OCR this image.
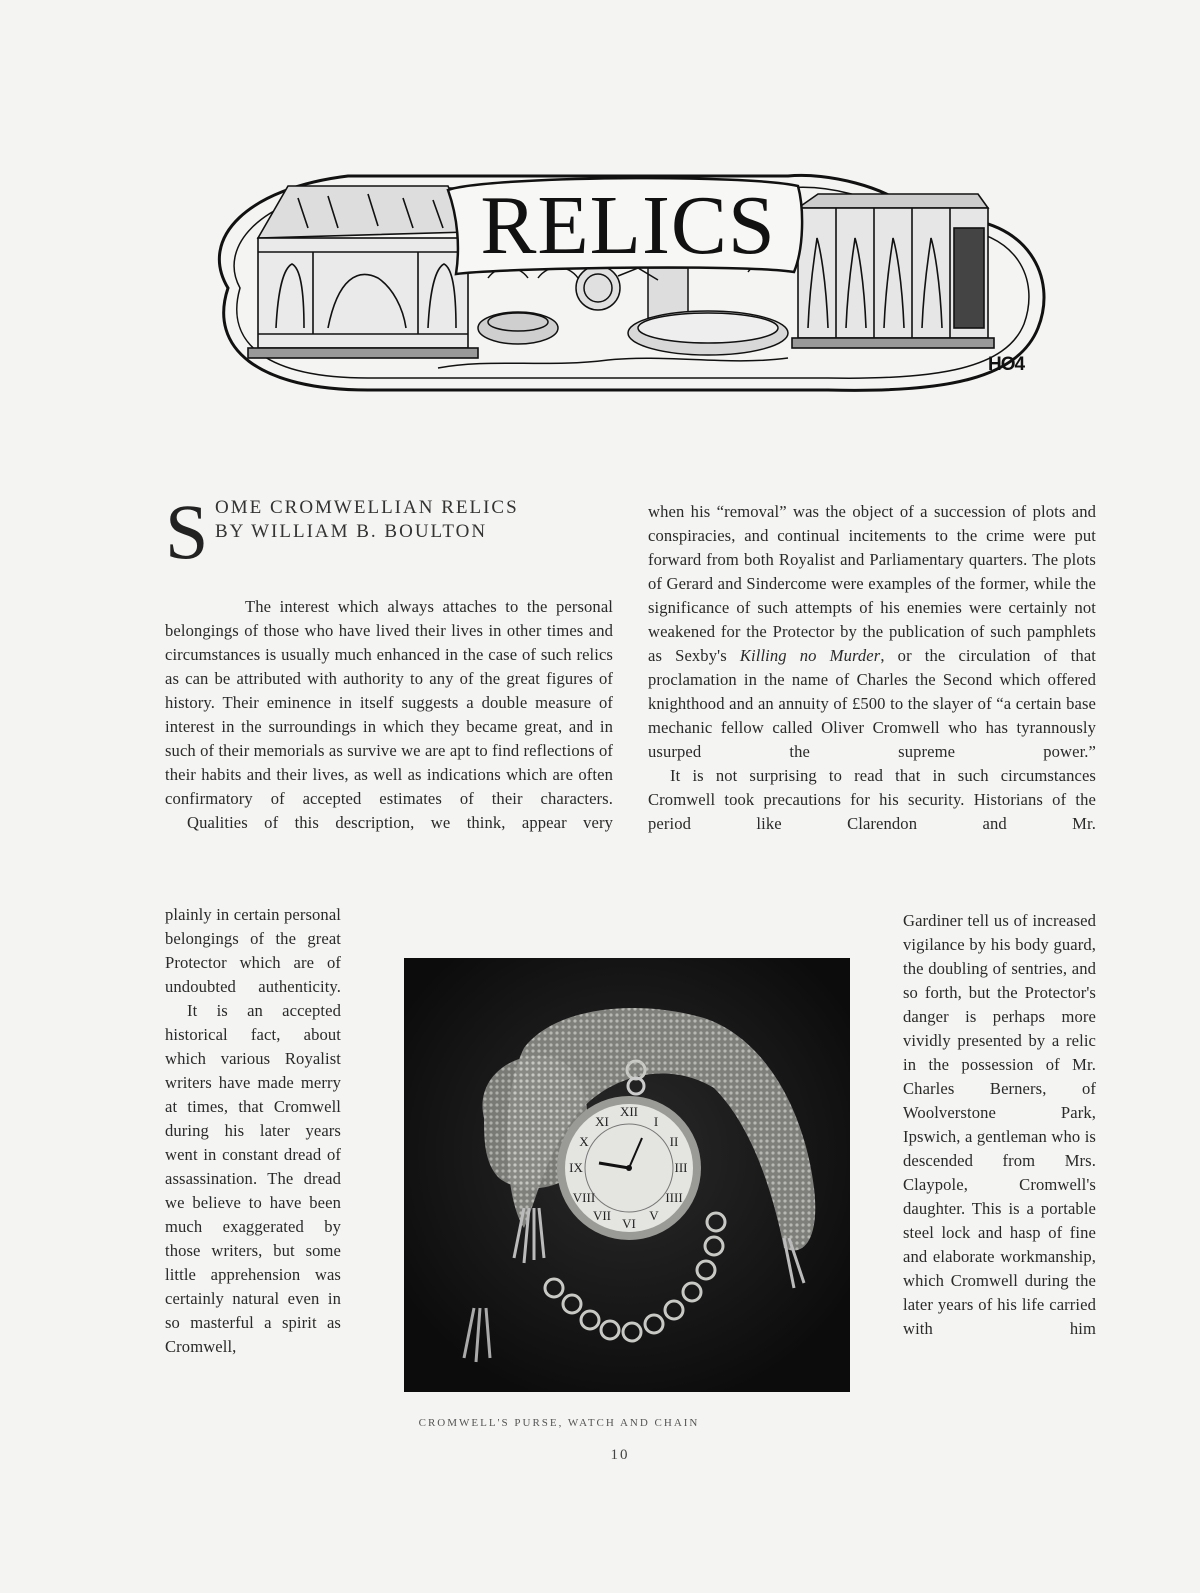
RELICS
HO4
S OME CROMWELLIAN RELICS
BY WILLIAM B. BOULTON

The interest which always attaches to the personal belongings of those who have lived their lives in other times and circumstances is usually much enhanced in the case of such relics as can be attributed with authority to any of the great figures of history. Their eminence in itself suggests a double measure of interest in the surroundings in which they became great, and in such of their memorials as survive we are apt to find reflections of their habits and their lives, as well as indications which are often confirmatory of accepted estimates of their characters.

Qualities of this description, we think, appear very

plainly in certain personal belongings of the great Protector which are of undoubted authenticity.

It is an accepted historical fact, about which various Royalist writers have made merry at times, that Cromwell during his later years went in constant dread of assassination. The dread we believe to have been much exaggerated by those writers, but some little apprehension was certainly natural even in so masterful a spirit as Cromwell,

when his “removal” was the object of a succession of plots and conspiracies, and continual incitements to the crime were put forward from both Royalist and Parliamentary quarters. The plots of Gerard and Sindercome were examples of the former, while the significance of such attempts of his enemies were certainly not weakened for the Protector by the publication of such pamphlets as Sexby's Killing no Murder, or the circulation of that proclamation in the name of Charles the Second which offered knighthood and an annuity of £500 to the slayer of “a certain base mechanic fellow called Oliver Cromwell who has tyrannously usurped the supreme power.”

It is not surprising to read that in such circumstances Cromwell took precautions for his security. Historians of the period like Clarendon and Mr.

Gardiner tell us of increased vigilance by his body guard, the doubling of sentries, and so forth, but the Protector's danger is perhaps more vividly presented by a relic in the possession of Mr. Charles Berners, of Woolverstone Park, Ipswich, a gentleman who is descended from Mrs. Claypole, Cromwell's daughter. This is a portable steel lock and hasp of fine and elaborate workmanship, which Cromwell during the later years of his life carried with him

XII
III
VI
IX
I
II
IIII
V
VII
VIII
X
XI
CROMWELL'S PURSE, WATCH AND CHAIN
10
